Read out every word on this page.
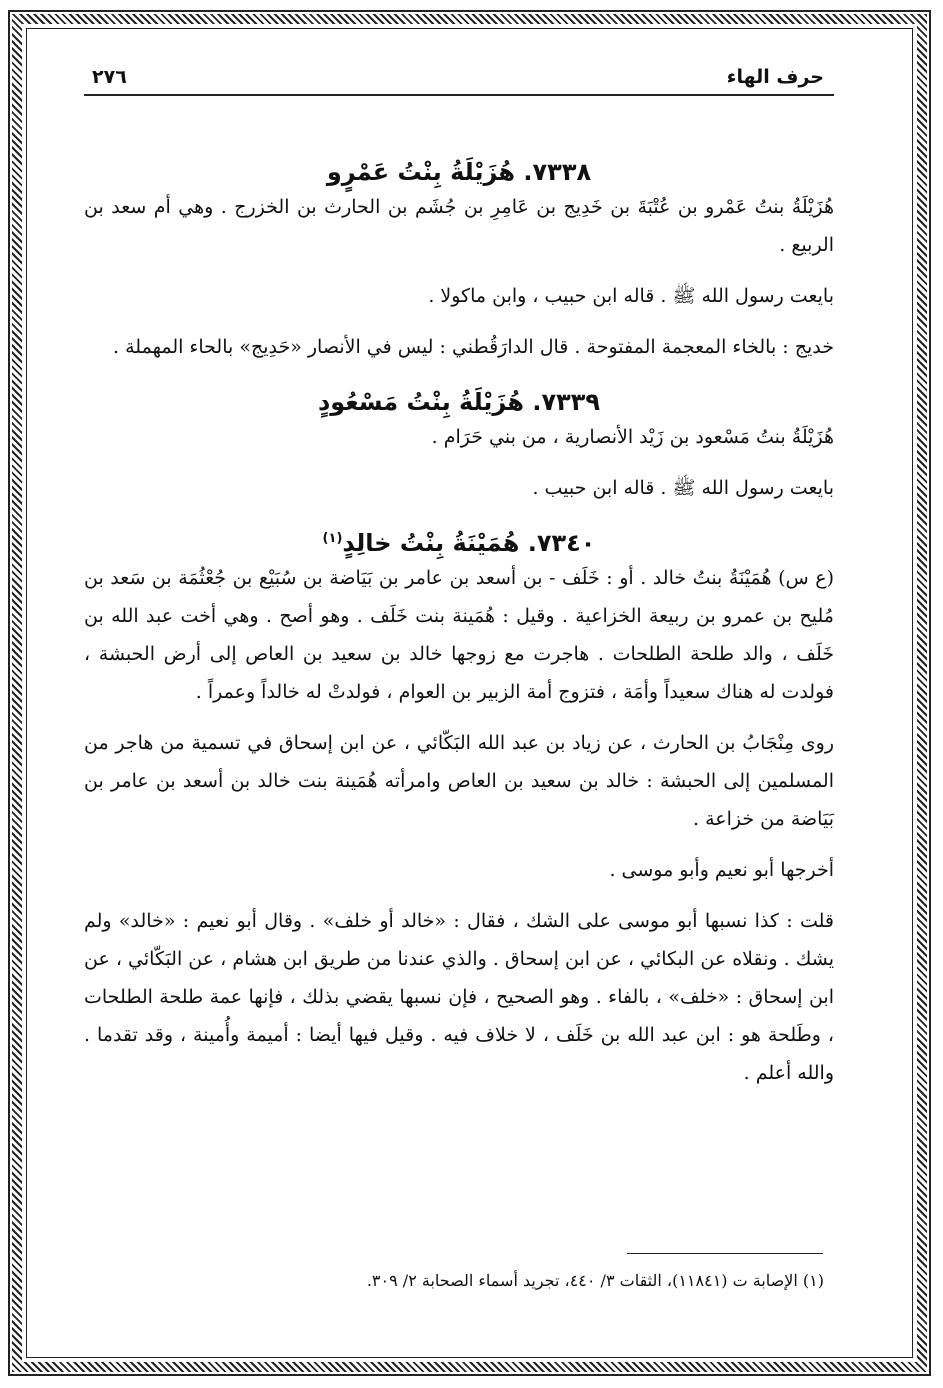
حرف الهاء
٢٧٦
٧٣٣٨. هُزَيْلَةُ بِنْتُ عَمْرٍو

هُزَيْلَةُ بنتُ عَمْرو بن عُتْبَةَ بن خَدِيج بن عَامِرِ بن جُشَم بن الحارث بن الخزرج . وهي أم سعد بن الربيع .

بايعت رسول الله ﷺ . قاله ابن حبيب ، وابن ماكولا .

خديج : بالخاء المعجمة المفتوحة . قال الدارَقُطني : ليس في الأنصار «حَدِيج» بالحاء المهملة .

٧٣٣٩. هُزَيْلَةُ بِنْتُ مَسْعُودٍ

هُزَيْلَةُ بنتُ مَسْعود بن زَيْد الأنصارية ، من بني حَرَام .

بايعت رسول الله ﷺ . قاله ابن حبيب .

٧٣٤٠. هُمَيْنَةُ بِنْتُ خالِدٍ$^{(١)}$

(ع س) هُمَيْنَةُ بنتُ خالد . أو : خَلَف - بن أسعد بن عامر بن بَيَاضة بن سُبَيْع بن جُعْثُمَة بن سَعد بن مُليح بن عمرو بن ربيعة الخزاعية . وقيل : هُمَينة بنت خَلَف . وهو أصح . وهي أخت عبد الله بن خَلَف ، والد طلحة الطلحات . هاجرت مع زوجها خالد بن سعيد بن العاص إلى أرض الحبشة ، فولدت له هناك سعيداً وأمَة ، فتزوج أمة الزبير بن العوام ، فولدتْ له خالداً وعمراً .

روى مِنْجَابُ بن الحارث ، عن زياد بن عبد الله البَكّائي ، عن ابن إسحاق في تسمية من هاجر من المسلمين إلى الحبشة : خالد بن سعيد بن العاص وامرأته هُمَينة بنت خالد بن أسعد بن عامر بن بَيَاضة من خزاعة .

أخرجها أبو نعيم وأبو موسى .

قلت : كذا نسبها أبو موسى على الشك ، فقال : «خالد أو خلف» . وقال أبو نعيم : «خالد» ولم يشك . ونقلاه عن البكائي ، عن ابن إسحاق . والذي عندنا من طريق ابن هشام ، عن البَكّائي ، عن ابن إسحاق : «خلف» ، بالفاء . وهو الصحيح ، فإن نسبها يقضي بذلك ، فإنها عمة طلحة الطلحات ، وطَلحة هو : ابن عبد الله بن خَلَف ، لا خلاف فيه . وقيل فيها أيضا : أميمة وأُمينة ، وقد تقدما . والله أعلم .

(١) الإصابة ت (١١٨٤١)، الثقات ٣/ ٤٤٠، تجريد أسماء الصحابة ٢/ ٣٠٩.
